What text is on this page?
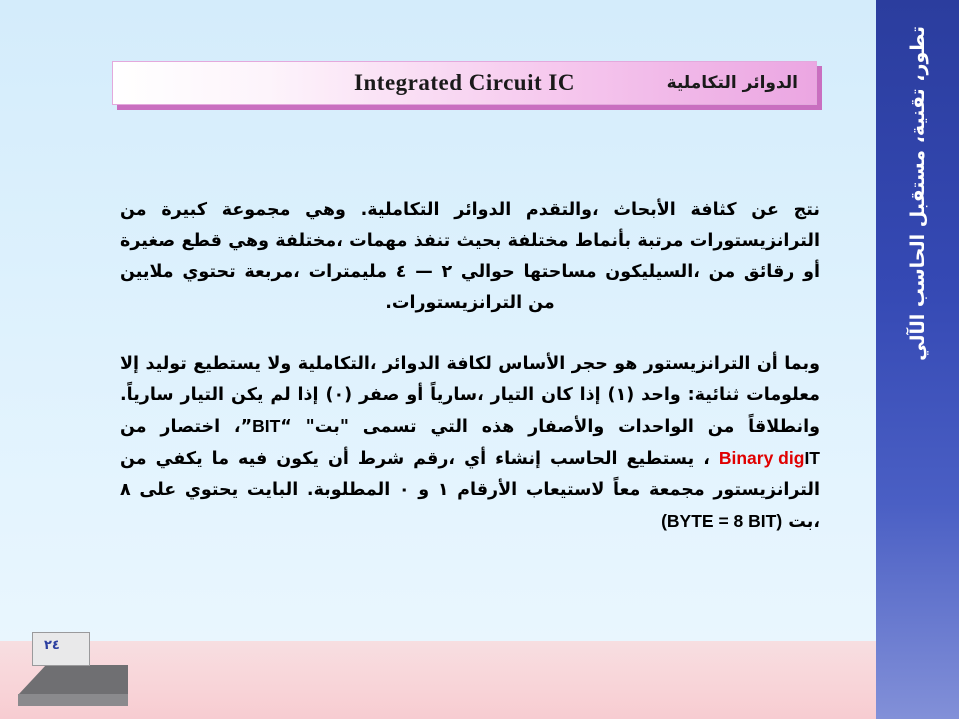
تطور، تقنية، مستقبل الحاسب الآلي
Integrated Circuit IC	الدوائر التكاملية

نتج عن كثافة الأبحاث ،والتقدم الدوائر التكاملية. وهي مجموعة كبيرة من الترانزيستورات مرتبة بأنماط مختلفة بحيث تنفذ مهمات ،مختلفة وهي قطع صغيرة أو رقائق من ،السيليكون مساحتها حوالي ٢ — ٤ مليمترات ،مربعة تحتوي ملايين من الترانزيستورات.

وبما أن الترانزيستور هو حجر الأساس لكافة الدوائر ،التكاملية ولا يستطيع توليد إلا معلومات ثنائية: واحد (١) إذا كان التيار ،سارياً أو صفر (٠) إذا لم يكن التيار سارياً. وانطلاقاً من الواحدات والأصفار هذه التي تسمى "بت" “BIT”، اختصار من Binary digIT ، يستطيع الحاسب إنشاء أي ،رقم شرط أن يكون فيه ما يكفي من الترانزيستور مجمعة معاً لاستيعاب الأرقام ١ و ٠ المطلوبة. البايت يحتوي على ٨ ،بت (BYTE = 8 BIT)

٢٤
